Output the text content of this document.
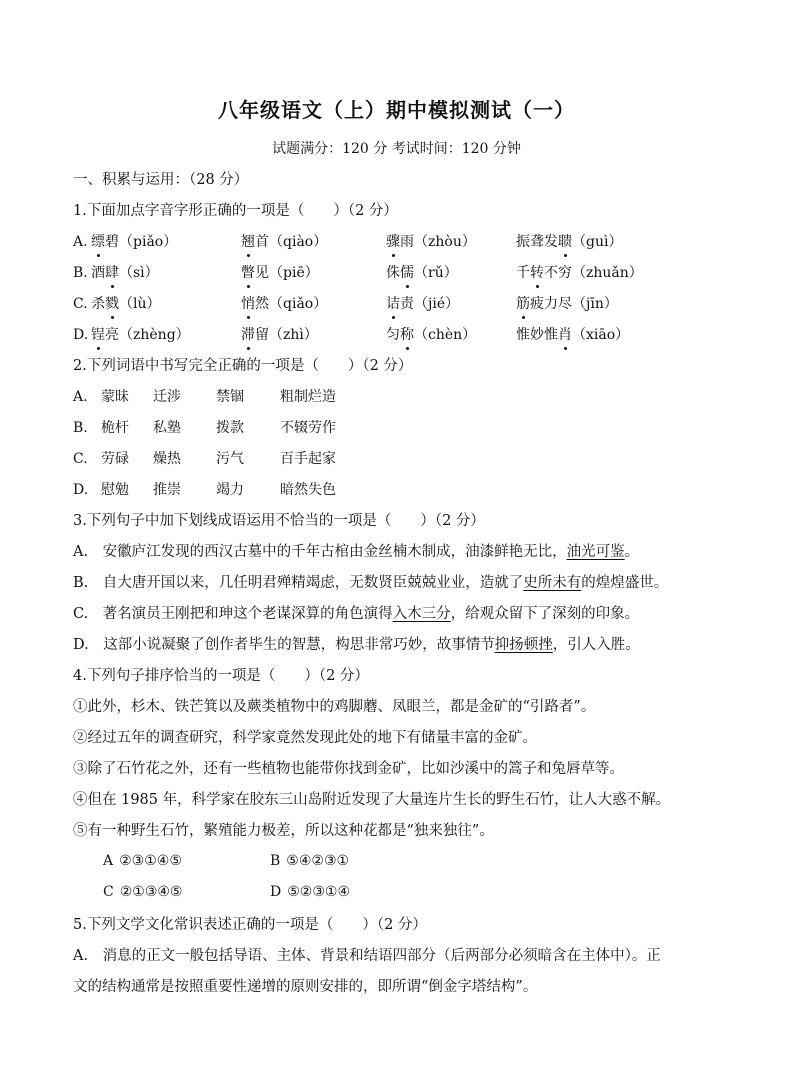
八年级语文（上）期中模拟测试（一）
试题满分：120 分 考试时间：120 分钟
一、积累与运用：（28 分）
1.下面加点字音字形正确的一项是（　　）（2 分）
A. 缥碧（piǎo）	翘首（qiào）	骤雨（zhòu）	振聋发聩（guì）
B. 酒肆（sì）	瞥见（piē）	侏儒（rǔ）	千转不穷（zhuǎn）
C. 杀戮（lù）	悄然（qiǎo）	诘责（jié）	筋疲力尽（jīn）
D. 锃亮（zhèng）	滞留（zhì）	匀称（chèn）	惟妙惟肖（xiāo）
2.下列词语中书写完全正确的一项是（　　）（2 分）
A. 蒙昧 迁涉	禁锢	粗制烂造
B. 桅杆 私塾	拨款	不辍劳作
C. 劳碌 燥热	污气	百手起家
D. 慰勉 推崇	竭力	暗然失色
3.下列句子中加下划线成语运用不恰当的一项是（　　）（2 分）
A.　安徽庐江发现的西汉古墓中的千年古棺由金丝楠木制成，油漆鲜艳无比，油光可鉴。
B.　自大唐开国以来，几任明君殚精竭虑，无数贤臣兢兢业业，造就了史所未有的煌煌盛世。
C.　著名演员王刚把和珅这个老谋深算的角色演得入木三分，给观众留下了深刻的印象。
D.　这部小说凝聚了创作者毕生的智慧，构思非常巧妙，故事情节抑扬顿挫，引人入胜。
4.下列句子排序恰当的一项是（　　）（2 分）
①此外，杉木、铁芒箕以及蕨类植物中的鸡脚蘑、凤眼兰，都是金矿的“引路者”。
②经过五年的调查研究，科学家竟然发现此处的地下有储量丰富的金矿。
③除了石竹花之外，还有一些植物也能带你找到金矿，比如沙溪中的篙子和兔唇草等。
④但在 1985 年，科学家在胶东三山岛附近发现了大量连片生长的野生石竹，让人大惑不解。
⑤有一种野生石竹，繁殖能力极差，所以这种花都是“独来独往”。
A ②③①④⑤	B ⑤④②③①
C ②①③④⑤	D ⑤②③①④
5.下列文学文化常识表述正确的一项是（　　）（2 分）
A.　消息的正文一般包括导语、主体、背景和结语四部分（后两部分必须暗含在主体中）。正
文的结构通常是按照重要性递增的原则安排的，即所谓“倒金字塔结构”。
